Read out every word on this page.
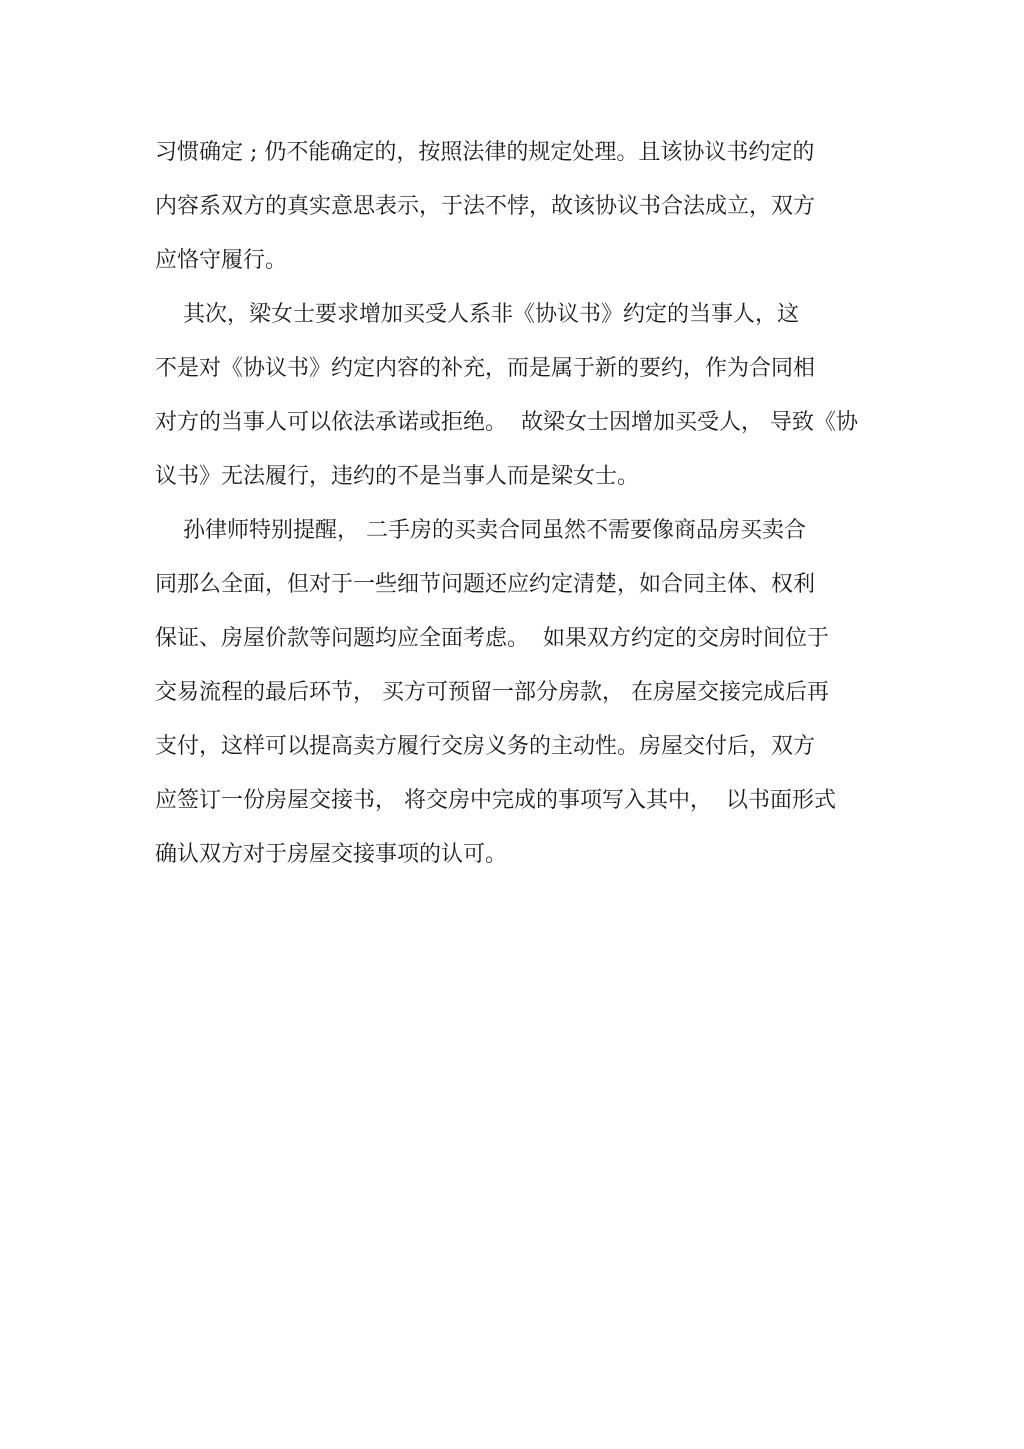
习惯确定 ; 仍不能确定的，按照法律的规定处理。且该协议书约定的
内容系双方的真实意思表示，于法不悖，故该协议书合法成立，双方
应恪守履行。
其次，梁女士要求增加买受人系非《协议书》约定的当事人，这
不是对《协议书》约定内容的补充，而是属于新的要约，作为合同相
对方的当事人可以依法承诺或拒绝。  故梁女士因增加买受人， 导致《协
议书》无法履行，违约的不是当事人而是梁女士。
孙律师特别提醒， 二手房的买卖合同虽然不需要像商品房买卖合
同那么全面，但对于一些细节问题还应约定清楚，如合同主体、权利
保证、房屋价款等问题均应全面考虑。  如果双方约定的交房时间位于
交易流程的最后环节， 买方可预留一部分房款， 在房屋交接完成后再
支付，这样可以提高卖方履行交房义务的主动性。房屋交付后，双方
应签订一份房屋交接书， 将交房中完成的事项写入其中，  以书面形式
确认双方对于房屋交接事项的认可。
